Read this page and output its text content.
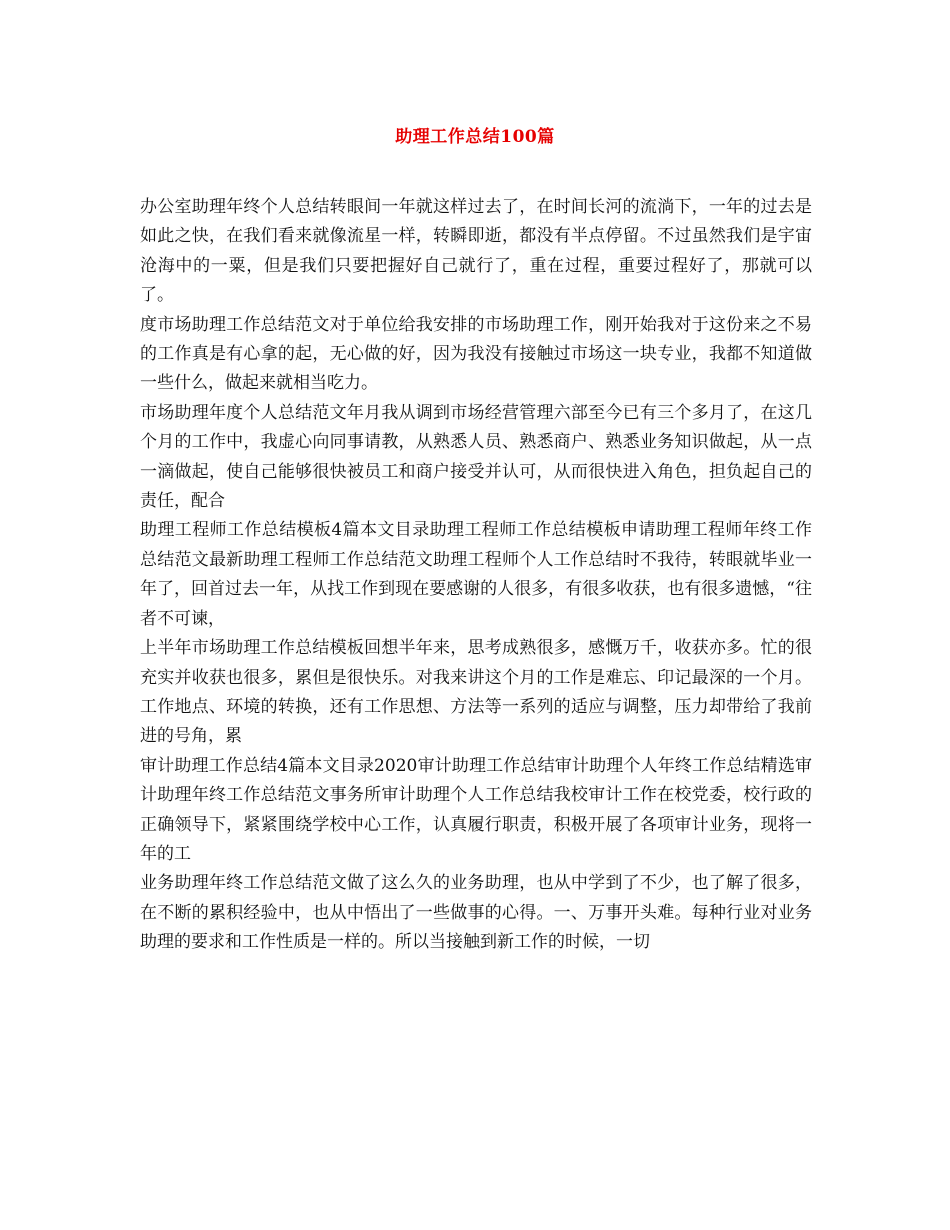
助理工作总结100篇

办公室助理年终个人总结转眼间一年就这样过去了，在时间长河的流淌下，一年的过去是如此之快，在我们看来就像流星一样，转瞬即逝，都没有半点停留。不过虽然我们是宇宙沧海中的一粟，但是我们只要把握好自己就行了，重在过程，重要过程好了，那就可以了。

度市场助理工作总结范文对于单位给我安排的市场助理工作，刚开始我对于这份来之不易的工作真是有心拿的起，无心做的好，因为我没有接触过市场这一块专业，我都不知道做一些什么，做起来就相当吃力。

市场助理年度个人总结范文年月我从调到市场经营管理六部至今已有三个多月了，在这几个月的工作中，我虚心向同事请教，从熟悉人员、熟悉商户、熟悉业务知识做起，从一点一滴做起，使自己能够很快被员工和商户接受并认可，从而很快进入角色，担负起自己的责任，配合

助理工程师工作总结模板4篇本文目录助理工程师工作总结模板申请助理工程师年终工作总结范文最新助理工程师工作总结范文助理工程师个人工作总结时不我待，转眼就毕业一年了，回首过去一年，从找工作到现在要感谢的人很多，有很多收获，也有很多遗憾，“往者不可谏，

上半年市场助理工作总结模板回想半年来，思考成熟很多，感慨万千，收获亦多。忙的很充实并收获也很多，累但是很快乐。对我来讲这个月的工作是难忘、印记最深的一个月。工作地点、环境的转换，还有工作思想、方法等一系列的适应与调整，压力却带给了我前进的号角，累

审计助理工作总结4篇本文目录2020审计助理工作总结审计助理个人年终工作总结精选审计助理年终工作总结范文事务所审计助理个人工作总结我校审计工作在校党委，校行政的正确领导下，紧紧围绕学校中心工作，认真履行职责，积极开展了各项审计业务，现将一年的工

业务助理年终工作总结范文做了这么久的业务助理，也从中学到了不少，也了解了很多，在不断的累积经验中，也从中悟出了一些做事的心得。一、万事开头难。每种行业对业务助理的要求和工作性质是一样的。所以当接触到新工作的时候，一切
